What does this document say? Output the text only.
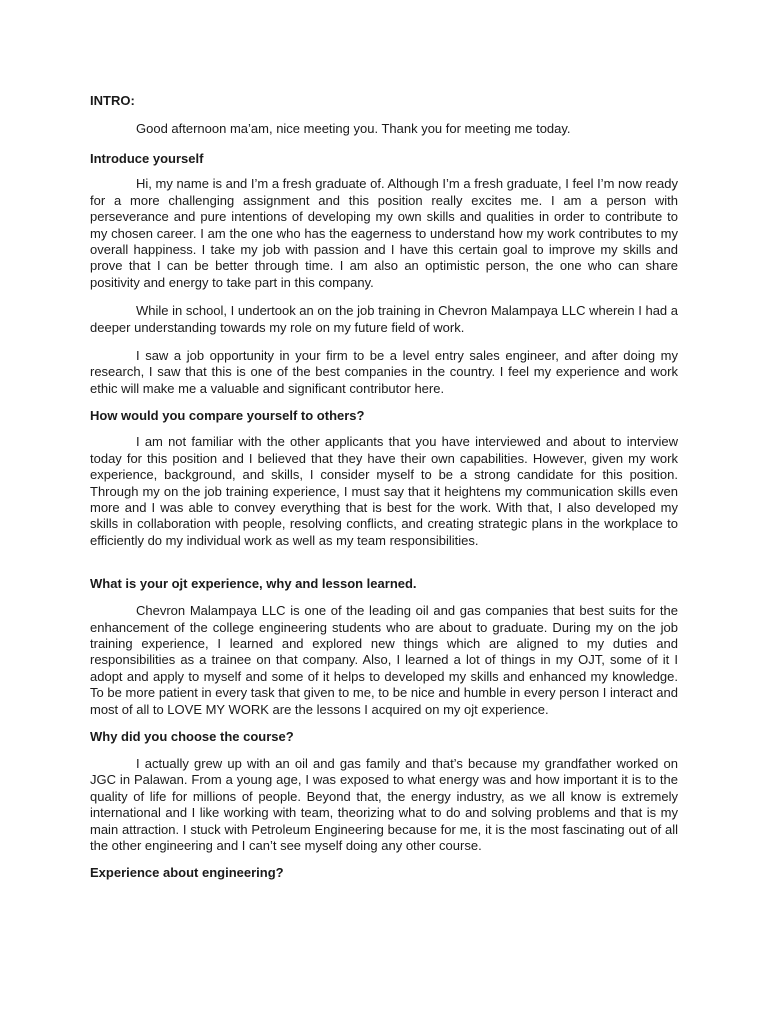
INTRO:

Good afternoon ma’am, nice meeting you. Thank you for meeting me today.

Introduce yourself

Hi, my name is and I’m a fresh graduate of. Although I’m a fresh graduate, I feel I’m now ready for a more challenging assignment and this position really excites me. I am a person with perseverance and pure intentions of developing my own skills and qualities in order to contribute to my chosen career. I am the one who has the eagerness to understand how my work contributes to my overall happiness. I take my job with passion and I have this certain goal to improve my skills and prove that I can be better through time. I am also an optimistic person, the one who can share positivity and energy to take part in this company.

While in school, I undertook an on the job training in Chevron Malampaya LLC wherein I had a deeper understanding towards my role on my future field of work.

I saw a job opportunity in your firm to be a level entry sales engineer, and after doing my research, I saw that this is one of the best companies in the country. I feel my experience and work ethic will make me a valuable and significant contributor here.

How would you compare yourself to others?

I am not familiar with the other applicants that you have interviewed and about to interview today for this position and I believed that they have their own capabilities. However, given my work experience, background, and skills, I consider myself to be a strong candidate for this position. Through my on the job training experience, I must say that it heightens my communication skills even more and I was able to convey everything that is best for the work. With that, I also developed my skills in collaboration with people, resolving conflicts, and creating strategic plans in the workplace to efficiently do my individual work as well as my team responsibilities.

What is your ojt experience, why and lesson learned.

Chevron Malampaya LLC is one of the leading oil and gas companies that best suits for the enhancement of the college engineering students who are about to graduate. During my on the job training experience, I learned and explored new things which are aligned to my duties and responsibilities as a trainee on that company. Also, I learned a lot of things in my OJT, some of it I adopt and apply to myself and some of it helps to developed my skills and enhanced my knowledge. To be more patient in every task that given to me, to be nice and humble in every person I interact and most of all to LOVE MY WORK are the lessons I acquired on my ojt experience.

Why did you choose the course?

I actually grew up with an oil and gas family and that’s because my grandfather worked on JGC in Palawan. From a young age, I was exposed to what energy was and how important it is to the quality of life for millions of people. Beyond that, the energy industry, as we all know is extremely international and I like working with team, theorizing what to do and solving problems and that is my main attraction. I stuck with Petroleum Engineering because for me, it is the most fascinating out of all the other engineering and I can’t see myself doing any other course.

Experience about engineering?
